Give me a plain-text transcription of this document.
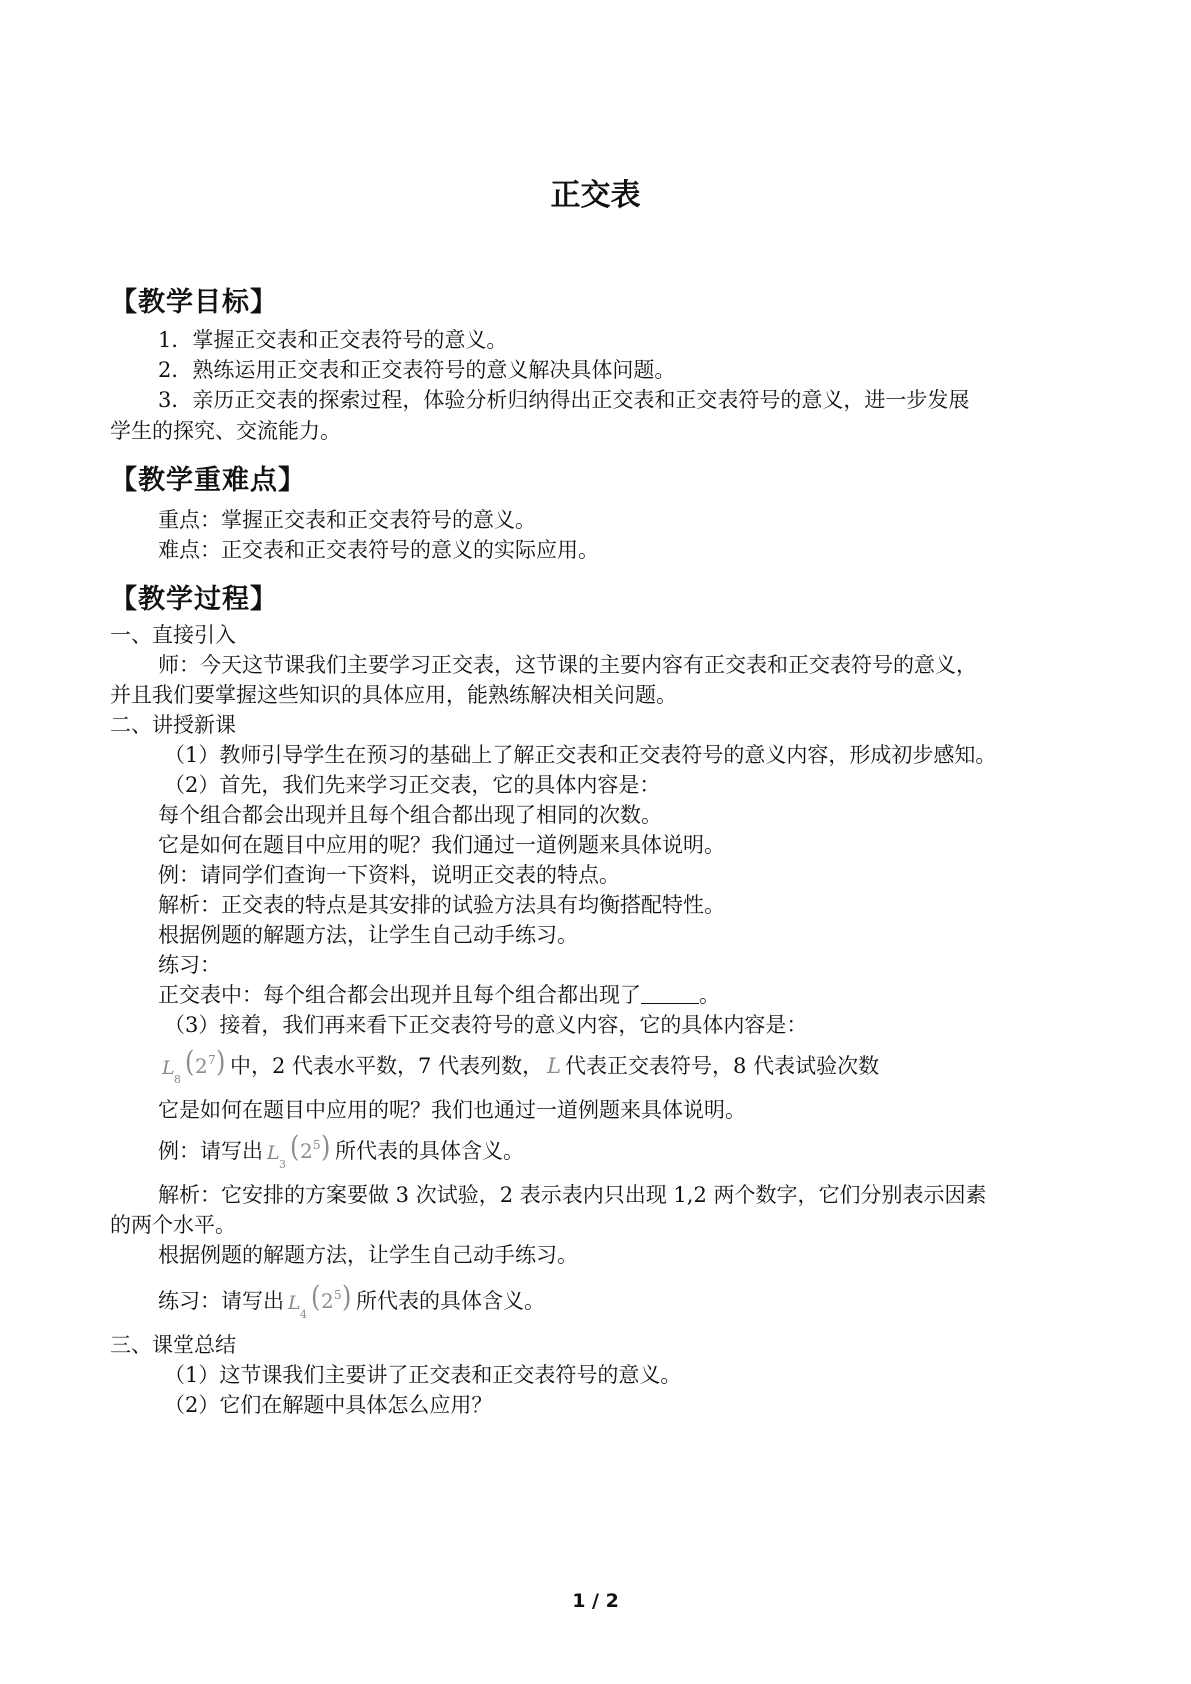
正交表
【教学目标】
1．掌握正交表和正交表符号的意义。
2．熟练运用正交表和正交表符号的意义解决具体问题。
3．亲历正交表的探索过程，体验分析归纳得出正交表和正交表符号的意义，进一步发展
学生的探究、交流能力。
【教学重难点】
重点：掌握正交表和正交表符号的意义。
难点：正交表和正交表符号的意义的实际应用。
【教学过程】
一、直接引入
师：今天这节课我们主要学习正交表，这节课的主要内容有正交表和正交表符号的意义，
并且我们要掌握这些知识的具体应用，能熟练解决相关问题。
二、讲授新课
（1）教师引导学生在预习的基础上了解正交表和正交表符号的意义内容，形成初步感知。
（2）首先，我们先来学习正交表，它的具体内容是：
每个组合都会出现并且每个组合都出现了相同的次数。
它是如何在题目中应用的呢？我们通过一道例题来具体说明。
例：请同学们查询一下资料，说明正交表的特点。
解析：正交表的特点是其安排的试验方法具有均衡搭配特性。
根据例题的解题方法，让学生自己动手练习。
练习：
正交表中：每个组合都会出现并且每个组合都出现了	。
（3）接着，我们再来看下正交表符号的意义内容，它的具体内容是：
L
8
( 2 7 ) 中，2 代表水平数，7 代表列数， L 代表正交表符号，8 代表试验次数
它是如何在题目中应用的呢？我们也通过一道例题来具体说明。
例：请写出 L
3
( 2 5 ) 所代表的具体含义。
解析：它安排的方案要做 3 次试验，2 表示表内只出现 1,2 两个数字，它们分别表示因素
的两个水平。
根据例题的解题方法，让学生自己动手练习。
练习：请写出 L
4
( 2 5 ) 所代表的具体含义。
三、课堂总结
（1）这节课我们主要讲了正交表和正交表符号的意义。
（2）它们在解题中具体怎么应用？
1 / 2
